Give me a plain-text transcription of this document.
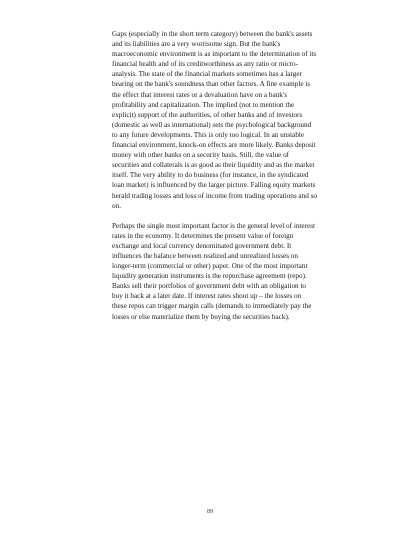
Gaps (especially in the short term category) between the bank's assets and its liabilities are a very worrisome sign. But the bank's macroeconomic environment is as important to the determination of its financial health and of its creditworthiness as any ratio or micro-analysis. The state of the financial markets sometimes has a larger bearing on the bank's soundness than other factors. A fine example is the effect that interest rates or a devaluation have on a bank's profitability and capitalization. The implied (not to mention the explicit) support of the authorities, of other banks and of investors (domestic as well as international) sets the psychological background to any future developments. This is only too logical. In an unstable financial environment, knock-on effects are more likely. Banks deposit money with other banks on a security basis. Still, the value of securities and collaterals is as good as their liquidity and as the market itself. The very ability to do business (for instance, in the syndicated loan market) is influenced by the larger picture. Falling equity markets herald trading losses and loss of income from trading operations and so on.

Perhaps the single most important factor is the general level of interest rates in the economy. It determines the present value of foreign exchange and local currency denominated government debt. It influences the balance between realized and unrealized losses on longer-term (commercial or other) paper. One of the most important liquidity generation instruments is the repurchase agreement (repo). Banks sell their portfolios of government debt with an obligation to buy it back at a later date. If interest rates shoot up – the losses on these repos can trigger margin calls (demands to immediately pay the losses or else materialize them by buying the securities back).

89
